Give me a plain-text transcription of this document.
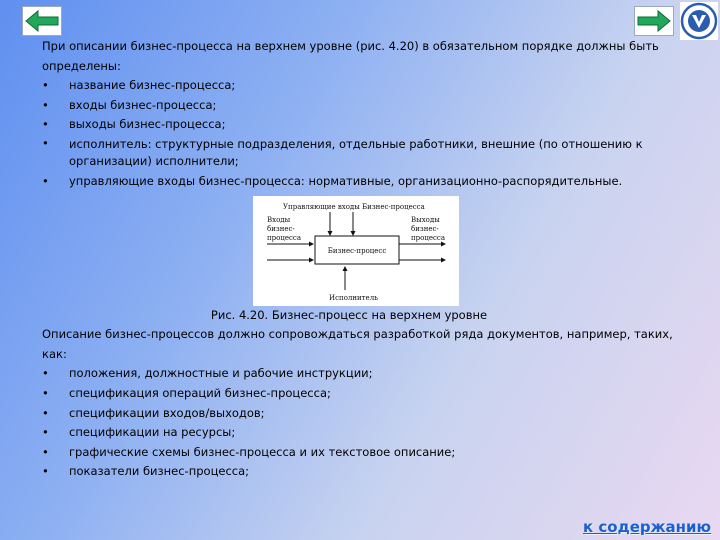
При описании бизнес-процесса на верхнем уровне (рис. 4.20) в обязательном порядке должны быть определены:

• название бизнес-процесса;
• входы бизнес-процесса;
• выходы бизнес-процесса;
• исполнитель: структурные подразделения, отдельные работники, внешние (по отношению к организации) исполнители;
• управляющие входы бизнес-процесса: нормативные, организационно-распорядительные.
Управляющие входы Бизнес-процесса
Входы
бизнес-
процесса
Бизнес-процесс
Выходы
бизнес-
процесса
Исполнитель

Рис. 4.20. Бизнес-процесс на верхнем уровне

Описание бизнес-процессов должно сопровождаться разработкой ряда документов, например, таких, как:

• положения, должностные и рабочие инструкции;
• спецификация операций бизнес-процесса;
• спецификации входов/выходов;
• спецификации на ресурсы;
• графические схемы бизнес-процесса и их текстовое описание;
• показатели бизнес-процесса;
к содержанию
